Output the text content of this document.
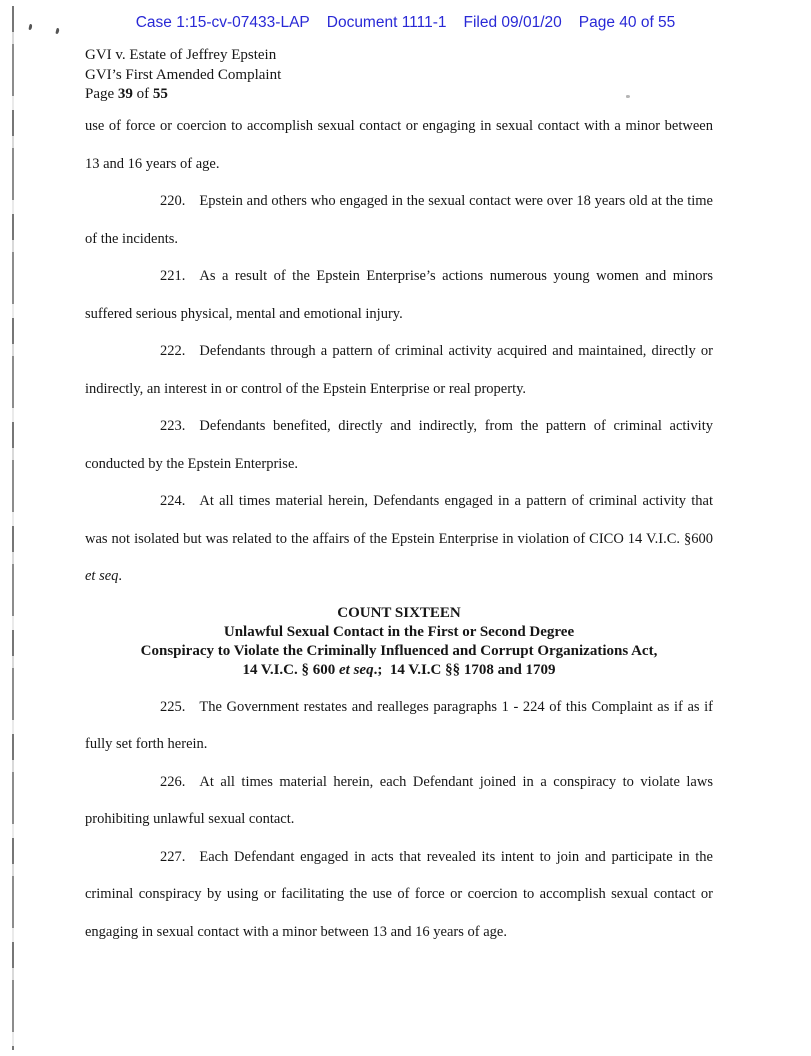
Case 1:15-cv-07433-LAP Document 1111-1 Filed 09/01/20 Page 40 of 55
GVI v. Estate of Jeffrey Epstein
GVI’s First Amended Complaint
Page 39 of 55
use of force or coercion to accomplish sexual contact or engaging in sexual contact with a minor between 13 and 16 years of age.
220. Epstein and others who engaged in the sexual contact were over 18 years old at the time of the incidents.
221. As a result of the Epstein Enterprise’s actions numerous young women and minors suffered serious physical, mental and emotional injury.
222. Defendants through a pattern of criminal activity acquired and maintained, directly or indirectly, an interest in or control of the Epstein Enterprise or real property.
223. Defendants benefited, directly and indirectly, from the pattern of criminal activity conducted by the Epstein Enterprise.
224. At all times material herein, Defendants engaged in a pattern of criminal activity that was not isolated but was related to the affairs of the Epstein Enterprise in violation of CICO 14 V.I.C. §600 et seq.
COUNT SIXTEEN
Unlawful Sexual Contact in the First or Second Degree
Conspiracy to Violate the Criminally Influenced and Corrupt Organizations Act,
14 V.I.C. § 600 et seq.;  14 V.I.C §§ 1708 and 1709
225. The Government restates and realleges paragraphs 1 - 224 of this Complaint as if as if fully set forth herein.
226. At all times material herein, each Defendant joined in a conspiracy to violate laws prohibiting unlawful sexual contact.
227. Each Defendant engaged in acts that revealed its intent to join and participate in the criminal conspiracy by using or facilitating the use of force or coercion to accomplish sexual contact or engaging in sexual contact with a minor between 13 and 16 years of age.
